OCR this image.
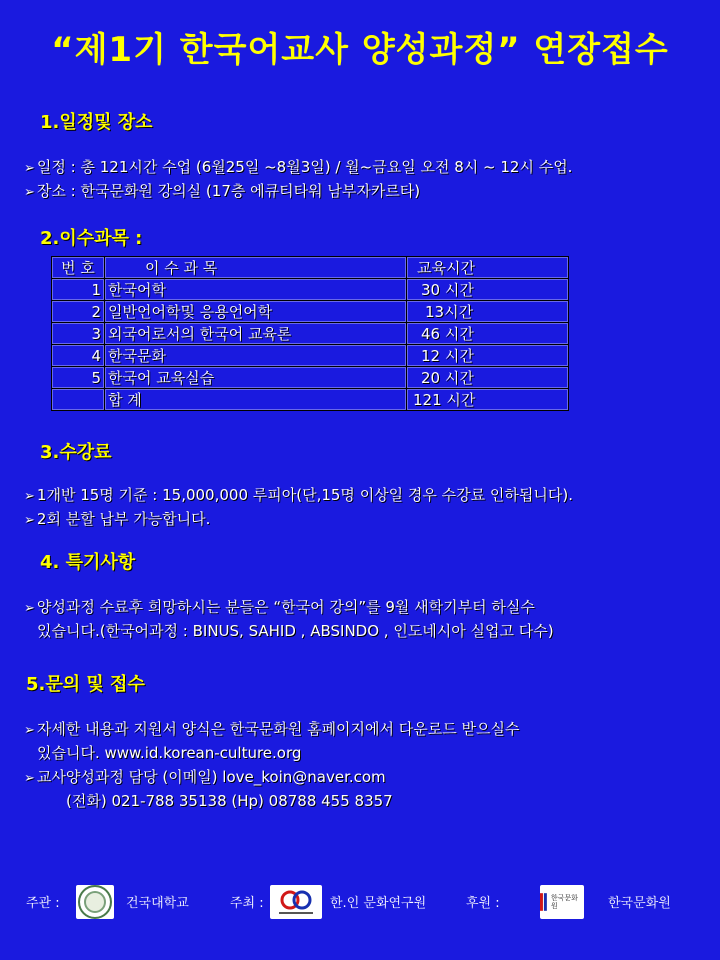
“제1기 한국어교사 양성과정” 연장접수
1.일정및 장소
➢ 일정 : 총 121시간 수업 (6월25일 ~8월3일) / 월~금요일 오전 8시 ~ 12시 수업.
➢ 장소 : 한국문화원 강의실 (17층 에큐티타워 남부자카르타)
2.이수과목 :
번 호	이 수 과 목	교육시간
1	한국어학	30 시간
2	일반언어학및 응용언어학	13시간
3	외국어로서의 한국어 교육론	46 시간
4	한국문화	12 시간
5	한국어 교육실습	20 시간
	합 계	121 시간
3.수강료
➢ 1개반 15명 기준 : 15,000,000 루피아(단,15명 이상일 경우 수강료 인하됩니다).
➢ 2회 분할 납부 가능합니다.
4. 특기사항
➢ 양성과정 수료후 희망하시는 분들은 “한국어 강의”를 9월 새학기부터 하실수
있습니다.(한국어과정 : BINUS, SAHID , ABSINDO , 인도네시아 실업고 다수)
5.문의 및 접수
➢ 자세한 내용과 지원서 양식은 한국문화원 홈페이지에서 다운로드 받으실수
있습니다. www.id.korean-culture.org
➢ 교사양성과정 담당 (이메일) love_koin@naver.com
(전화) 021-788 35138 (Hp) 08788 455 8357
주관 :	건국대학교	주최 :	한.인 문화연구원	후원 :	한국문화원	한국문화원
